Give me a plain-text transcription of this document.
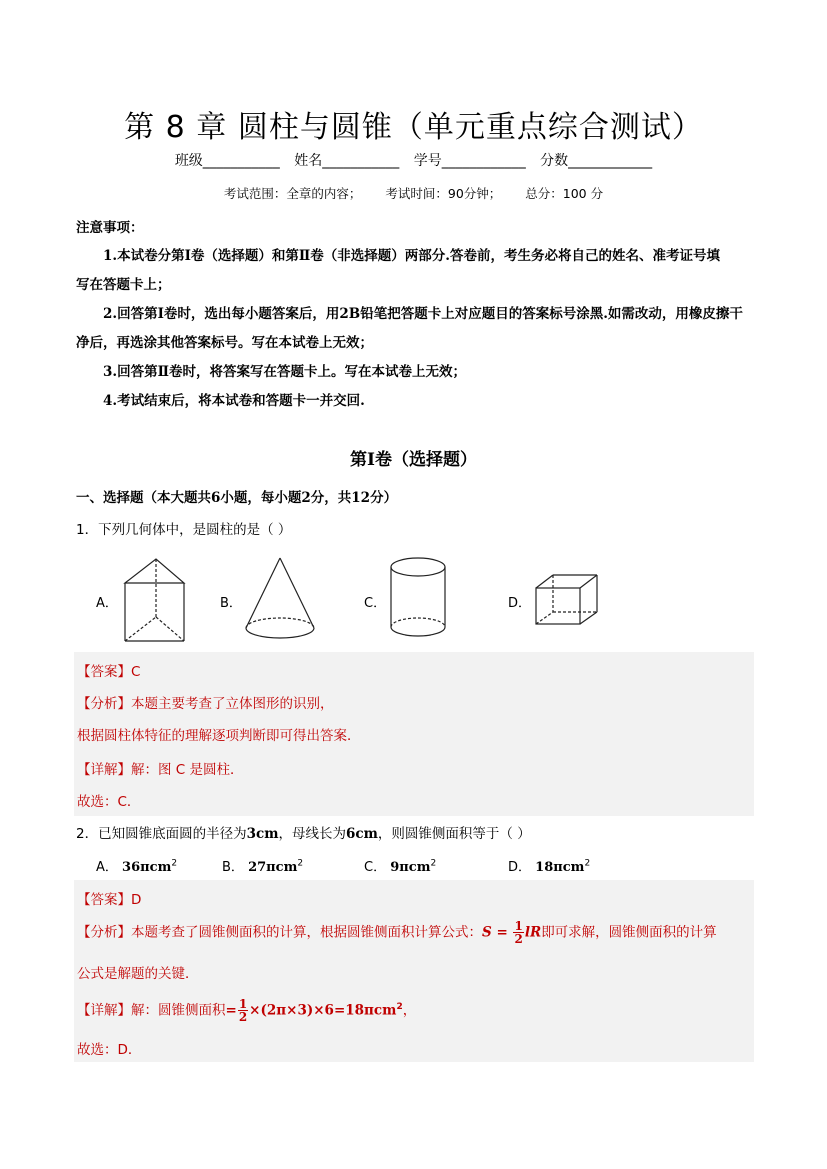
第 8 章 圆柱与圆锥（单元重点综合测试）
班级___________ 姓名___________ 学号____________ 分数____________
考试范围：全章的内容； 考试时间：90分钟； 总分：100 分
注意事项：
1.本试卷分第Ⅰ卷（选择题）和第Ⅱ卷（非选择题）两部分.答卷前，考生务必将自己的姓名、准考证号填
写在答题卡上；
2.回答第Ⅰ卷时，选出每小题答案后，用2B铅笔把答题卡上对应题目的答案标号涂黑.如需改动，用橡皮擦干
净后，再选涂其他答案标号。写在本试卷上无效；
3.回答第Ⅱ卷时，将答案写在答题卡上。写在本试卷上无效；
4.考试结束后，将本试卷和答题卡一并交回.
第Ⅰ卷（选择题）
一、选择题（本大题共6小题，每小题2分，共12分）
1．下列几何体中，是圆柱的是（ ）
A．	B．	C．	D．
【答案】C
【分析】本题主要考查了立体图形的识别，
根据圆柱体特征的理解逐项判断即可得出答案．
【详解】解：图 C 是圆柱．
故选：C．
2．已知圆锥底面圆的半径为3cm，母线长为6cm，则圆锥侧面积等于（ ）
A． 36πcm$^2$	B． 27πcm$^2$	C． 9πcm$^2$	D． 18πcm$^2$
【答案】D
【分析】本题考查了圆锥侧面积的计算，根据圆锥侧面积计算公式：$S = \frac{1}{2}$ lR即可求解，圆锥侧面积的计算
公式是解题的关键．
【详解】解：圆锥侧面积= $\frac{1}{2} \times(2\pi\times 3)\times 6=18\pi cm^2$，
故选：D．
